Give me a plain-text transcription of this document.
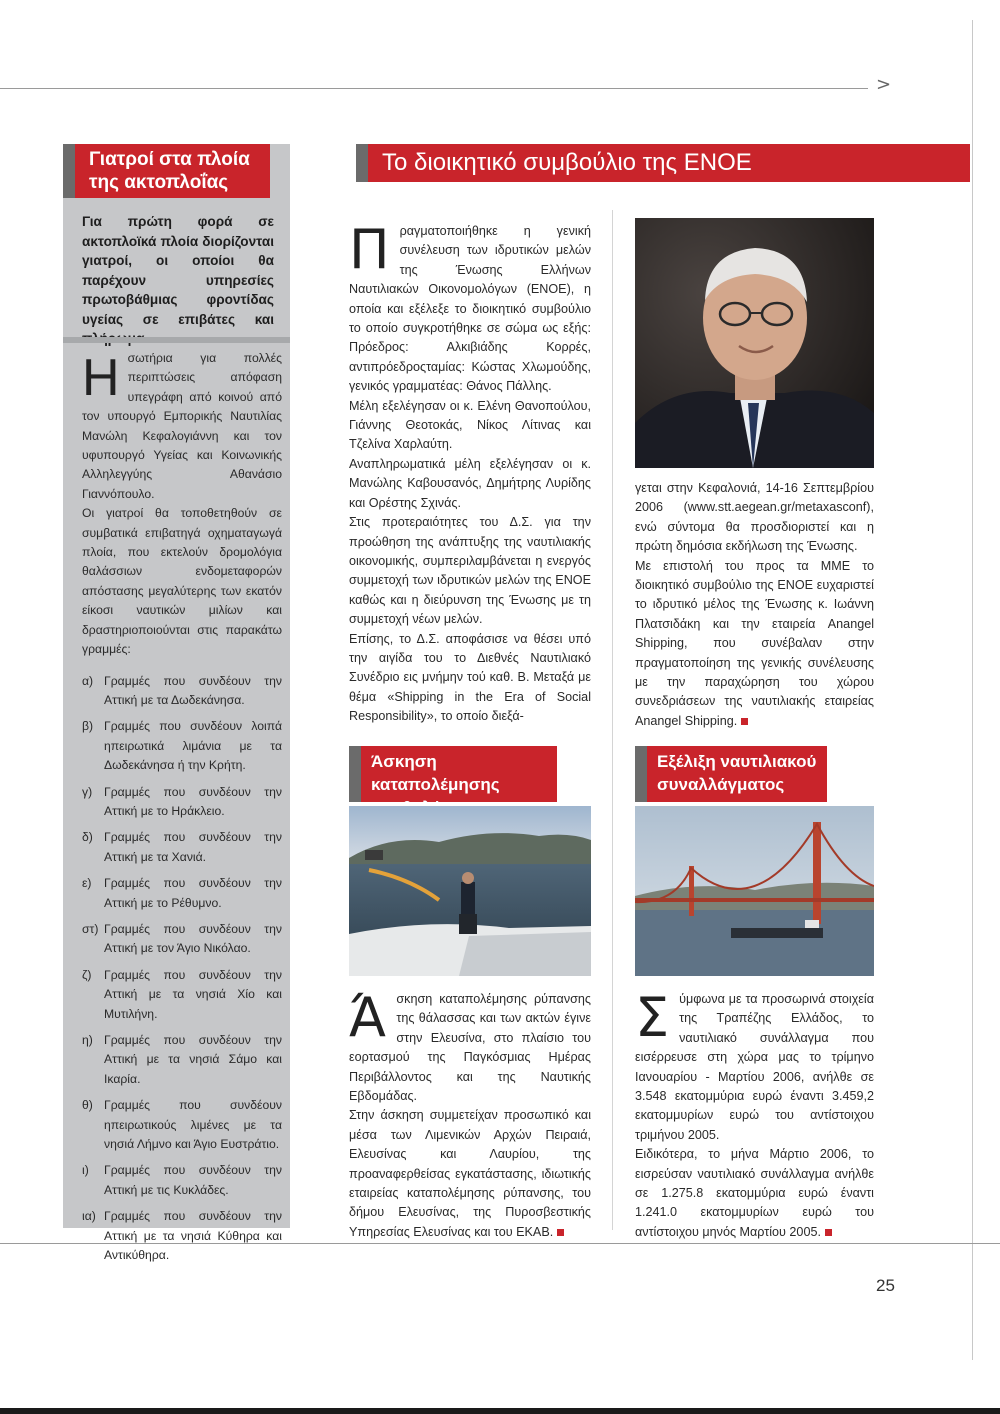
>
25
Γιατροί στα πλοία
της ακτοπλοΐας
Για πρώτη φορά σε ακτοπλοϊκά πλοία διορίζονται γιατροί, οι οποίοι θα παρέχουν υπηρεσίες πρωτοβάθμιας φροντίδας υγείας σε επιβάτες και

Ησωτήρια για πολλές περιπτώσεις απόφαση υπεγράφη από κοινού από τον υπουργό Εμπορικής Ναυτιλίας Μανώλη Κεφαλογιάννη και τον υφυπουργό Υγείας και Κοινωνικής Αλληλεγγύης Αθανάσιο Γιαννόπουλο.

Οι γιατροί θα τοποθετηθούν σε συμβατικά επιβατηγά οχηματαγωγά πλοία, που εκτελούν δρομολόγια θαλάσσιων ενδομεταφορών απόστασης μεγαλύτερης των εκατόν είκοσι ναυτικών μιλίων και δραστηριοποιούνται στις παρακάτω γραμμές:

α) Γραμμές που συνδέουν την Αττική με τα Δωδεκάνησα.
β) Γραμμές που συνδέουν λοιπά ηπειρωτικά λιμάνια με τα Δωδεκάνησα ή την Κρήτη.
γ) Γραμμές που συνδέουν την Αττική με το Ηράκλειο.
δ) Γραμμές που συνδέουν την Αττική με τα Χανιά.
ε)	Γραμμές που συνδέουν την Αττική με το Ρέθυμνο.
στ) Γραμμές που συνδέουν την Αττική με τον Άγιο Νικόλαο.
ζ)	Γραμμές που συνδέουν την Αττική με τα νησιά Χίο και Μυτιλήνη.
η) Γραμμές που συνδέουν την Αττική με τα νησιά Σάμο και Ικαρία.
θ) Γραμμές που συνδέουν ηπειρωτικούς λιμένες με τα νησιά Λήμνο και Άγιο Ευστράτιο.
ι)	Γραμμές που συνδέουν την Αττική με τις Κυκλάδες.
ια) Γραμμές που συνδέουν την Αττική με τα νησιά Κύθηρα και Αντικύθηρα.
Το διοικητικό συμβούλιο της ΕΝΟΕ

Πραγματοποιήθηκε η γενική συνέλευση των ιδρυτικών μελών της Ένωσης Ελλήνων Ναυτιλιακών Οικονομολόγων (ΕΝΟΕ), η οποία και εξέλεξε το διοικητικό συμβούλιο το οποίο συγκροτήθηκε σε σώμα ως εξής: Πρόεδρος: Αλκιβιάδης Κορρές, αντιπρόεδροςταμίας: Κώστας Χλωμούδης, γενικός γραμματέας: Θάνος Πάλλης.

Μέλη εξελέγησαν οι κ. Ελένη Θανοπούλου, Γιάννης Θεοτοκάς, Νίκος Λίτινας και Τζελίνα Χαρλαύτη.

Αναπληρωματικά μέλη εξελέγησαν οι κ. Μανώλης Καβουσανός, Δημήτρης Λυρίδης και Ορέστης Σχινάς.

Στις προτεραιότητες του Δ.Σ. για την προώθηση της ανάπτυξης της ναυτιλιακής οικονομικής, συμπεριλαμβάνεται η ενεργός συμμετοχή των ιδρυτικών μελών της ΕΝΟΕ καθώς και η διεύρυνση της Ένωσης με τη συμμετοχή νέων μελών.

Επίσης, το Δ.Σ. αποφάσισε να θέσει υπό την αιγίδα του το Διεθνές Ναυτιλιακό Συνέδριο εις μνήμην τού καθ. Β. Μεταξά με θέμα «Shipping in the Era of Social Responsibility», το οποίο διεξά-

γεται στην Κεφαλονιά, 14-16 Σεπτεμβρίου 2006 (www.stt.aegean.gr/metaxasconf), ενώ σύντομα θα προσδιοριστεί και η πρώτη δημόσια εκδήλωση της Ένωσης.

Με επιστολή του προς τα ΜΜΕ το διοικητικό συμβούλιο της ΕΝΟΕ ευχαριστεί το ιδρυτικό μέλος της Ένωσης κ. Ιωάννη Πλατσιδάκη και την εταιρεία Anangel Shipping, που συνέβαλαν στην πραγματοποίηση της γενικής συνέλευσης με την παραχώρηση του χώρου συνεδριάσεων της ναυτιλιακής εταιρείας Anangel Shipping.

Άσκηση καταπολέμησης

Άσκηση καταπολέμησης ρύπανσης της θάλασσας και των ακτών έγινε στην Ελευσίνα, στο πλαίσιο του εορτασμού της Παγκόσμιας Ημέρας Περιβάλλοντος και της Ναυτικής Εβδομάδας.

Στην άσκηση συμμετείχαν προσωπικό και μέσα των Λιμενικών Αρχών Πειραιά, Ελευσίνας και Λαυρίου, της προαναφερθείσας εγκατάστασης, ιδιωτικής εταιρείας καταπολέμησης ρύπανσης, του δήμου Ελευσίνας, της Πυροσβεστικής Υπηρεσίας Ελευσίνας και του ΕΚΑΒ.

Εξέλιξη ναυτιλιακού
συναλλάγματος

Σύμφωνα με τα προσωρινά στοιχεία της Τραπέζης Ελλάδος, το ναυτιλιακό συνάλλαγμα που εισέρρευσε στη χώρα μας το τρίμηνο Ιανουαρίου - Μαρτίου 2006, ανήλθε σε 3.548 εκατομμύρια ευρώ έναντι 3.459,2 εκατομμυρίων ευρώ του αντίστοιχου τριμήνου 2005.

Ειδικότερα, το μήνα Μάρτιο 2006, το εισρεύσαν ναυτιλιακό συνάλλαγμα ανήλθε σε 1.275.8 εκατομμύρια ευρώ έναντι 1.241.0 εκατομμυρίων ευρώ του αντίστοιχου μηνός Μαρτίου 2005.
